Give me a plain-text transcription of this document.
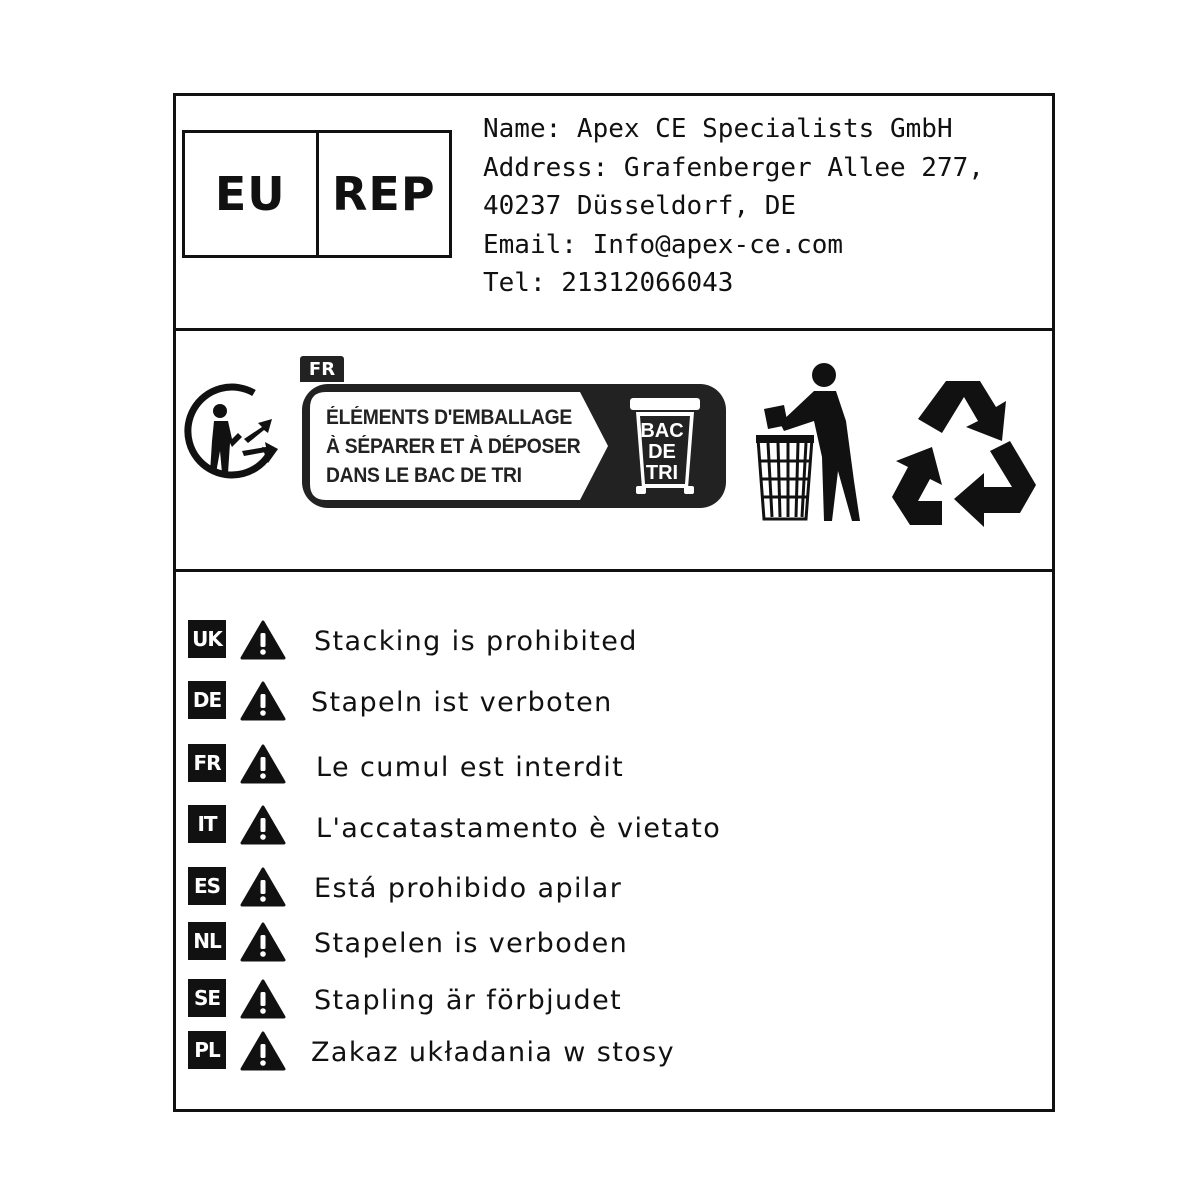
EU	REP
Name: Apex CE Specialists GmbH
Address: Grafenberger Allee 277,
40237 Düsseldorf, DE
Email: Info@apex-ce.com
Tel: 21312066043
FR
ÉLÉMENTS D'EMBALLAGE
À SÉPARER ET À DÉPOSER
DANS LE BAC DE TRI
BAC
DE
TRI
UK	Stacking is prohibited
DE	Stapeln ist verboten
FR	Le cumul est interdit
IT	L'accatastamento è vietato
ES	Está prohibido apilar
NL	Stapelen is verboden
SE	Stapling är förbjudet
PL	Zakaz układania w stosy
